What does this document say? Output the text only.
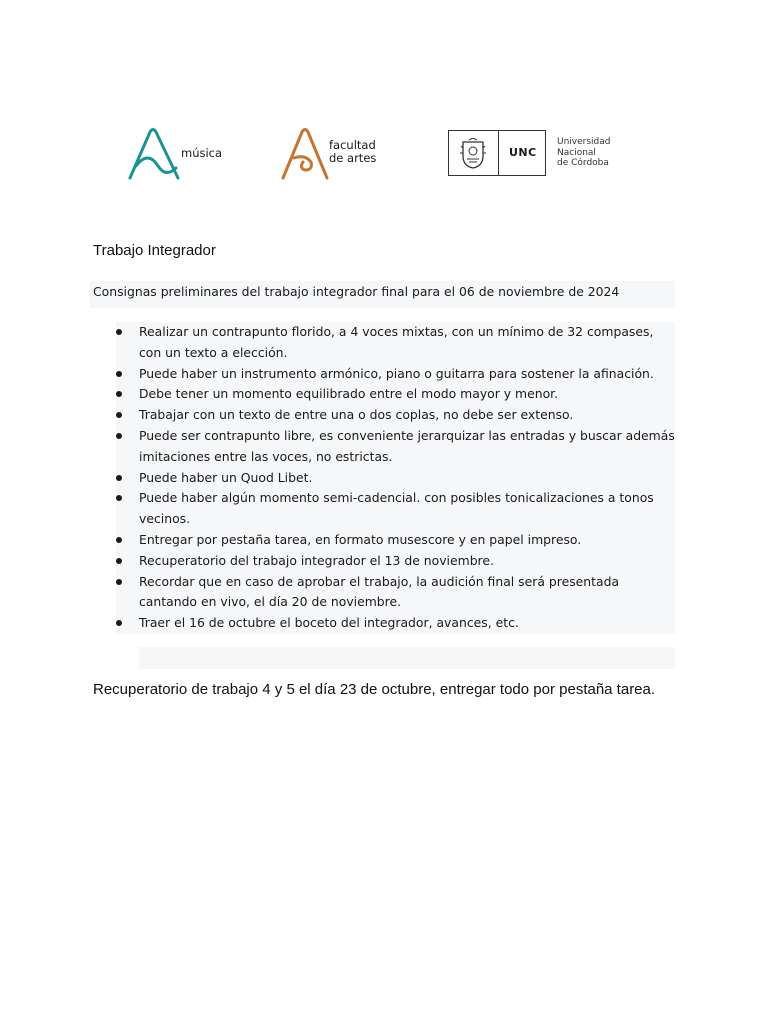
música
facultad
de artes	UNC
Universidad
Nacional
de Córdoba
Trabajo Integrador
Consignas preliminares del trabajo integrador final para el 06 de noviembre de 2024
Realizar un contrapunto florido, a 4 voces mixtas, con un mínimo de 32 compases, con un texto a elección.
Puede haber un instrumento armónico, piano o guitarra para sostener la afinación.
Debe tener un momento equilibrado entre el modo mayor y menor.
Trabajar con un texto de entre una o dos coplas, no debe ser extenso.
Puede ser contrapunto libre, es conveniente jerarquizar las entradas y buscar además imitaciones entre las voces, no estrictas.
Puede haber un Quod Libet.
Puede haber algún momento semi-cadencial. con posibles tonicalizaciones a tonos vecinos.
Entregar por pestaña tarea, en formato musescore y en papel impreso.
Recuperatorio del trabajo integrador el 13 de noviembre.
Recordar que en caso de aprobar el trabajo, la audición final será presentada cantando en vivo, el día 20 de noviembre.
Traer el 16 de octubre el boceto del integrador, avances, etc.
Recuperatorio de trabajo 4 y 5 el día 23 de octubre, entregar todo por pestaña tarea.
